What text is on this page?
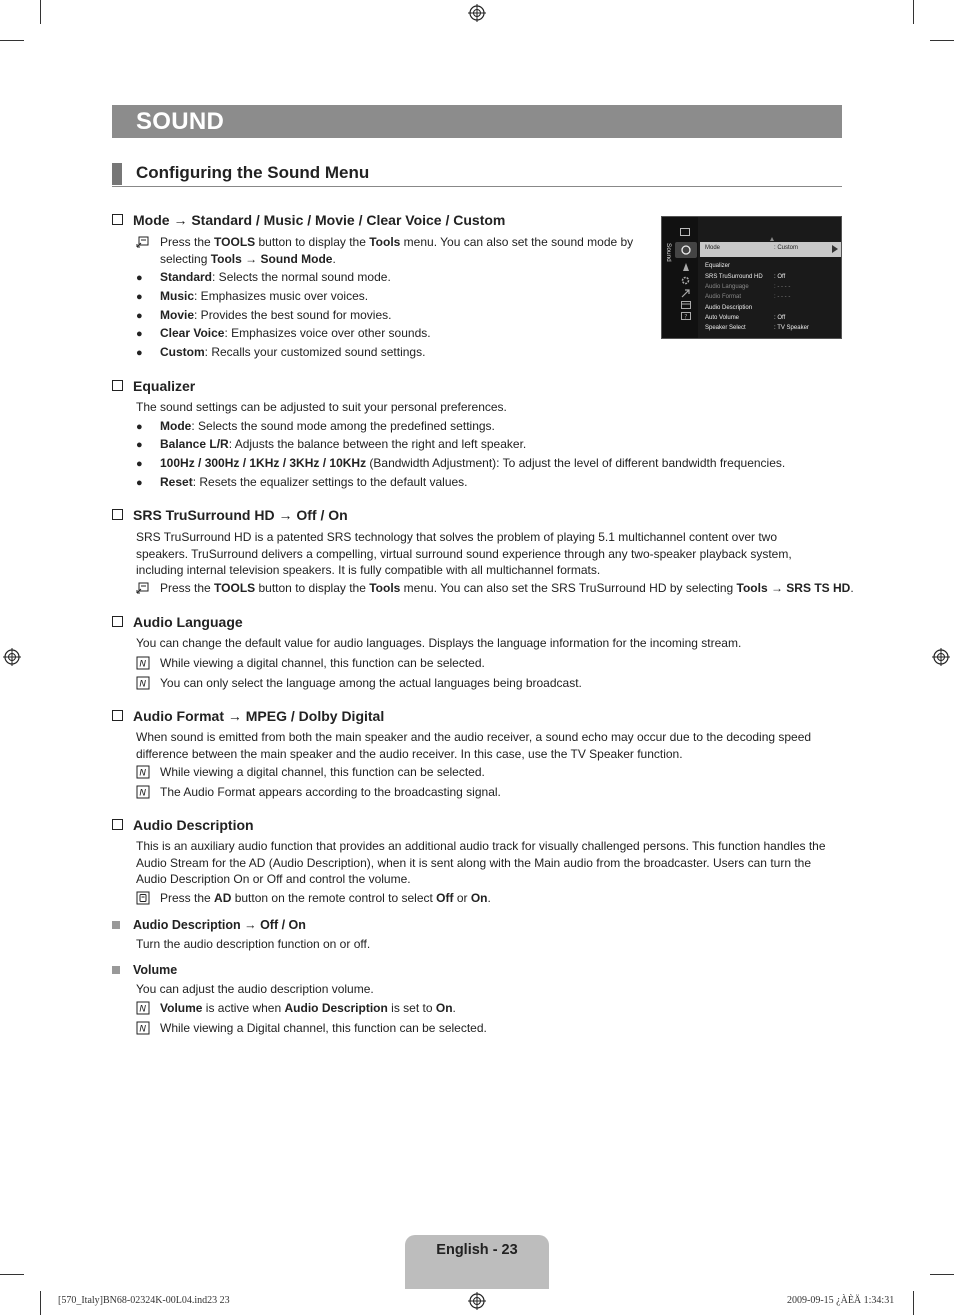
SOUND
Configuring the Sound Menu
Sound
?
Mode	: Custom
Equalizer
SRS TruSurround HD : Off
Audio Language	: - - - -
Audio Format	: - - - -
Audio Description
Auto Volume	: Off
Speaker Select	: TV Speaker
Mode → Standard / Music / Movie / Clear Voice / Custom
Press the TOOLS button to display the Tools menu. You can also set the sound mode by
selecting Tools → Sound Mode.
● Standard: Selects the normal sound mode.
● Music: Emphasizes music over voices.
● Movie: Provides the best sound for movies.
● Clear Voice: Emphasizes voice over other sounds.
● Custom: Recalls your customized sound settings.
Equalizer
The sound settings can be adjusted to suit your personal preferences.
● Mode: Selects the sound mode among the predefined settings.
● Balance L/R: Adjusts the balance between the right and left speaker.
● 100Hz / 300Hz / 1KHz / 3KHz / 10KHz (Bandwidth Adjustment): To adjust the level of different bandwidth frequencies.
● Reset: Resets the equalizer settings to the default values.
SRS TruSurround HD → Off / On
SRS TruSurround HD is a patented SRS technology that solves the problem of playing 5.1 multichannel content over two
speakers. TruSurround delivers a compelling, virtual surround sound experience through any two-speaker playback system,
including internal television speakers. It is fully compatible with all multichannel formats.
Press the TOOLS button to display the Tools menu. You can also set the SRS TruSurround HD by selecting Tools → SRS TS HD.
Audio Language
You can change the default value for audio languages. Displays the language information for the incoming stream.
N While viewing a digital channel, this function can be selected.
N You can only select the language among the actual languages being broadcast.
Audio Format → MPEG / Dolby Digital
When sound is emitted from both the main speaker and the audio receiver, a sound echo may occur due to the decoding speed
difference between the main speaker and the audio receiver. In this case, use the TV Speaker function.
N While viewing a digital channel, this function can be selected.
N The Audio Format appears according to the broadcasting signal.
Audio Description
This is an auxiliary audio function that provides an additional audio track for visually challenged persons. This function handles the
Audio Stream for the AD (Audio Description), when it is sent along with the Main audio from the broadcaster. Users can turn the
Audio Description On or Off and control the volume.
Press the AD button on the remote control to select Off or On.
Audio Description → Off / On
Turn the audio description function on or off.
Volume
You can adjust the audio description volume.
N Volume is active when Audio Description is set to On.
N While viewing a Digital channel, this function can be selected.
English - 23
[570_Italy]BN68-02324K-00L04.ind23 23	2009-09-15 ¿ÀÈÄ 1:34:31
